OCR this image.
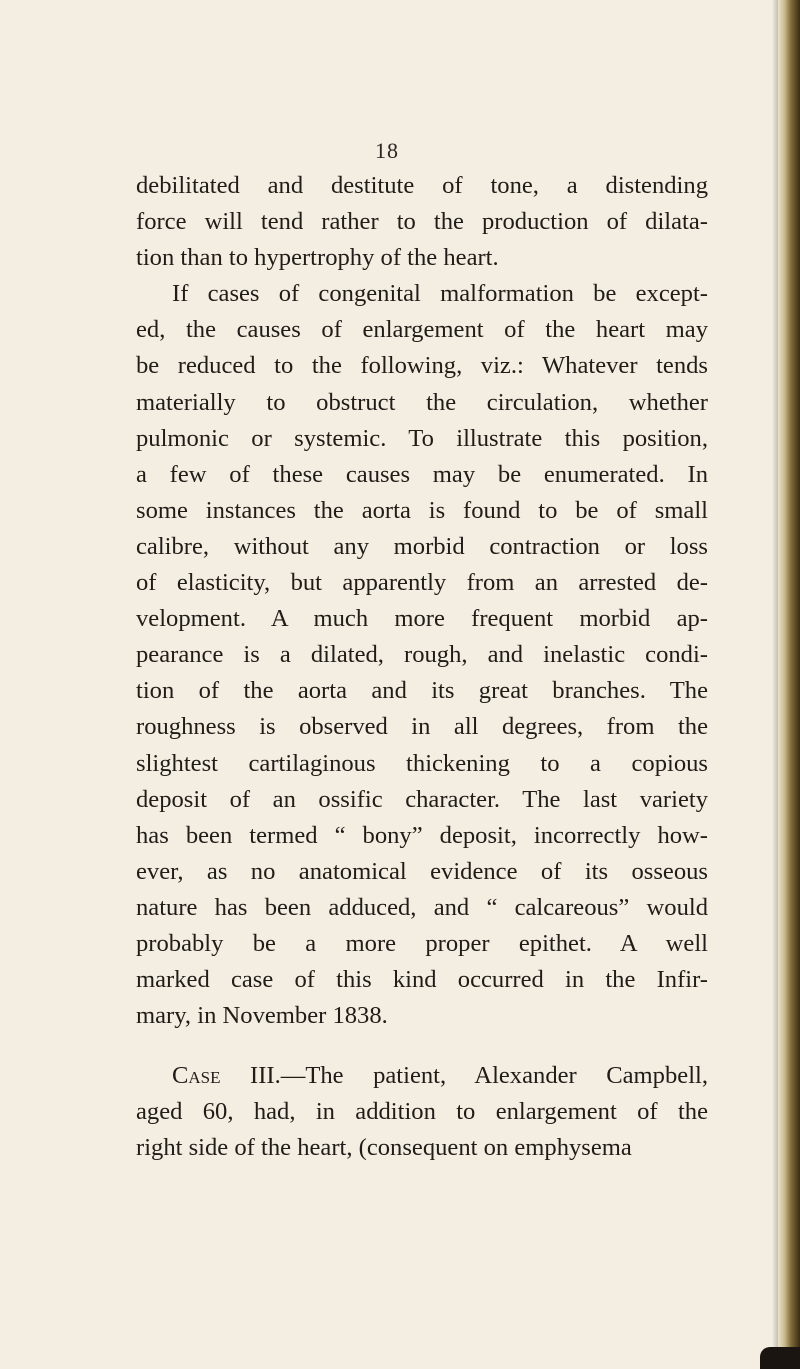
18
debilitated and destitute of tone, a distending
force will tend rather to the production of dilata-
tion than to hypertrophy of the heart.
If cases of congenital malformation be except-
ed, the causes of enlargement of the heart may
be reduced to the following, viz.: Whatever tends
materially to obstruct the circulation, whether
pulmonic or systemic. To illustrate this position,
a few of these causes may be enumerated. In
some instances the aorta is found to be of small
calibre, without any morbid contraction or loss
of elasticity, but apparently from an arrested de-
velopment. A much more frequent morbid ap-
pearance is a dilated, rough, and inelastic condi-
tion of the aorta and its great branches. The
roughness is observed in all degrees, from the
slightest cartilaginous thickening to a copious
deposit of an ossific character. The last variety
has been termed “ bony” deposit, incorrectly how-
ever, as no anatomical evidence of its osseous
nature has been adduced, and “ calcareous” would
probably be a more proper epithet. A well
marked case of this kind occurred in the Infir-
mary, in November 1838.
Case III.—The patient, Alexander Campbell,
aged 60, had, in addition to enlargement of the
right side of the heart, (consequent on emphysema
